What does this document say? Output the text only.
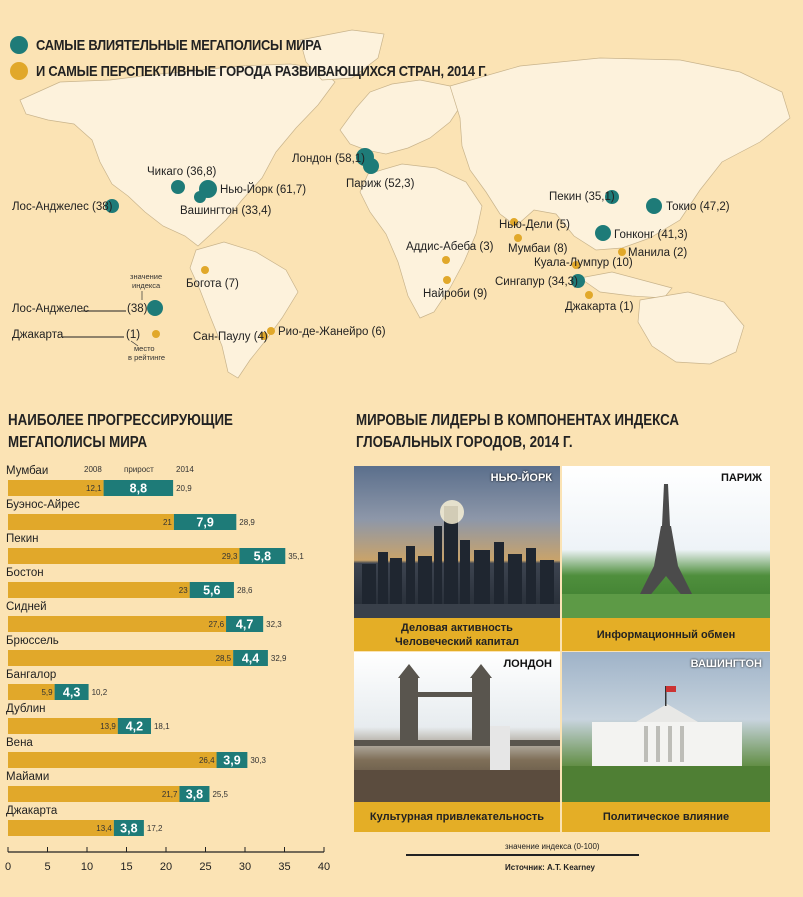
Чикаго (36,8)
Нью-Йорк (61,7)
Вашингтон (33,4)
Лос-Анджелес (38)
Лондон (58,1)
Париж (52,3)
Пекин (35,1)
Токио (47,2)
Гонконг (41,3)
Сингапур (34,3)
Богота (7)
Сан-Паулу (4) Рио-де-Жанейро (6)
Аддис-Абеба (3)
Найроби (9)
Нью-Дели (5)
Мумбаи (8)
Куала-Лумпур (10)
Манила (2)
Джакарта (1)
значение
индекса
Лос-Анджелес	(38)
Джакарта	(1)
место
в рейтинге
САМЫЕ ВЛИЯТЕЛЬНЫЕ МЕГАПОЛИСЫ МИРА
И САМЫЕ ПЕРСПЕКТИВНЫЕ ГОРОДА РАЗВИВАЮЩИХСЯ СТРАН, 2014 Г.
НАИБОЛЕЕ ПРОГРЕССИРУЮЩИЕ
МЕГАПОЛИСЫ МИРА
2008	прирост	2014
Мумбаи
12,1 8,8	20,9
Буэнос-Айрес
21 7,9	28,9
Пекин
29,3 5,8 35,1
Бостон
23 5,6 28,6
Сидней
27,6 4,7 32,3
Брюссель
28,5 4,4 32,9
Бангалор
5,9 4,3 10,2
Дублин
13,9 4,2 18,1
Вена
26,4 3,9 30,3
Майами
21,7 3,8 25,5
Джакарта
13,4 3,8 17,2
0	5	10 15 20 25 30 35 40
МИРОВЫЕ ЛИДЕРЫ В КОМПОНЕНТАХ ИНДЕКСА
ГЛОБАЛЬНЫХ ГОРОДОВ, 2014 Г.
НЬЮ-ЙОРК
Деловая активность
Человеческий капитал
ПАРИЖ
Информационный обмен
ЛОНДОН
Культурная привлекательность
ВАШИНГТОН
Политическое влияние
значение индекса (0-100)
Источник: A.T. Kearney
